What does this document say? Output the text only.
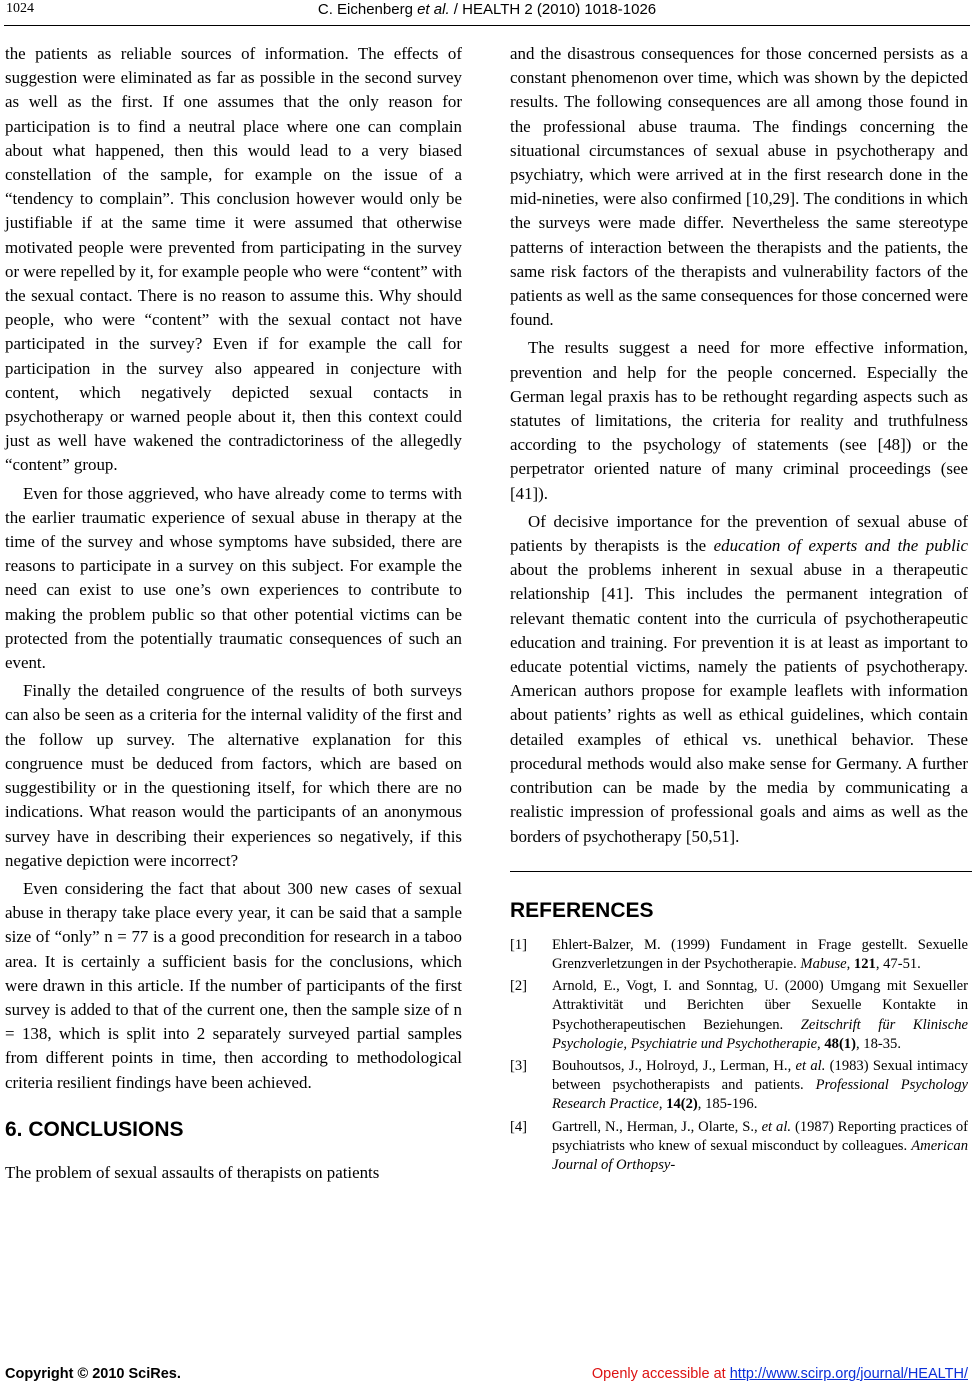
1024	C. Eichenberg et al. / HEALTH 2 (2010) 1018-1026

the patients as reliable sources of information. The effects of suggestion were eliminated as far as possible in the second survey as well as the first. If one assumes that the only reason for participation is to find a neutral place where one can complain about what happened, then this would lead to a very biased constellation of the sample, for example on the issue of a “tendency to complain”. This conclusion however would only be justifiable if at the same time it were assumed that otherwise motivated people were prevented from participating in the survey or were repelled by it, for example people who were “content” with the sexual contact. There is no reason to assume this. Why should people, who were “content” with the sexual contact not have participated in the survey? Even if for example the call for participation in the survey also appeared in conjecture with content, which negatively depicted sexual contacts in psychotherapy or warned people about it, then this context could just as well have wakened the contradictoriness of the allegedly “content” group.

Even for those aggrieved, who have already come to terms with the earlier traumatic experience of sexual abuse in therapy at the time of the survey and whose symptoms have subsided, there are reasons to participate in a survey on this subject. For example the need can exist to use one’s own experiences to contribute to making the problem public so that other potential victims can be protected from the potentially traumatic consequences of such an event.

Finally the detailed congruence of the results of both surveys can also be seen as a criteria for the internal validity of the first and the follow up survey. The alternative explanation for this congruence must be deduced from factors, which are based on suggestibility or in the questioning itself, for which there are no indications. What reason would the participants of an anonymous survey have in describing their experiences so negatively, if this negative depiction were incorrect?

Even considering the fact that about 300 new cases of sexual abuse in therapy take place every year, it can be said that a sample size of “only” n = 77 is a good precondition for research in a taboo area. It is certainly a sufficient basis for the conclusions, which were drawn in this article. If the number of participants of the first survey is added to that of the current one, then the sample size of n = 138, which is split into 2 separately surveyed partial samples from different points in time, then according to methodological criteria resilient findings have been achieved.

6. CONCLUSIONS

The problem of sexual assaults of therapists on patients

and the disastrous consequences for those concerned persists as a constant phenomenon over time, which was shown by the depicted results. The following consequences are all among those found in the professional abuse trauma. The findings concerning the situational circumstances of sexual abuse in psychotherapy and psychiatry, which were arrived at in the first research done in the mid-nineties, were also confirmed [10,29]. The conditions in which the surveys were made differ. Nevertheless the same stereotype patterns of interaction between the therapists and the patients, the same risk factors of the therapists and vulnerability factors of the patients as well as the same consequences for those concerned were found.

The results suggest a need for more effective information, prevention and help for the people concerned. Especially the German legal praxis has to be rethought regarding aspects such as statutes of limitations, the criteria for reality and truthfulness according to the psychology of statements (see [48]) or the perpetrator oriented nature of many criminal proceedings (see [41]).

Of decisive importance for the prevention of sexual abuse of patients by therapists is the education of experts and the public about the problems inherent in sexual abuse in a therapeutic relationship [41]. This includes the permanent integration of relevant thematic content into the curricula of psychotherapeutic education and training. For prevention it is at least as important to educate potential victims, namely the patients of psychotherapy. American authors propose for example leaflets with information about patients’ rights as well as ethical guidelines, which contain detailed examples of ethical vs. unethical behavior. These procedural methods would also make sense for Germany. A further contribution can be made by the media by communicating a realistic impression of professional goals and aims as well as the borders of psychotherapy [50,51].

REFERENCES
[1]	Ehlert-Balzer, M. (1999) Fundament in Frage gestellt. Sexuelle Grenzverletzungen in der Psychotherapie. Mabuse, 121, 47-51.
[2]	Arnold, E., Vogt, I. and Sonntag, U. (2000) Umgang mit Sexueller Attraktivität und Berichten über Sexuelle Kontakte in Psychotherapeutischen Beziehungen. Zeitschrift für Klinische Psychologie, Psychiatrie und Psychotherapie, 48(1), 18-35.
[3]	Bouhoutsos, J., Holroyd, J., Lerman, H., et al. (1983) Sexual intimacy between psychotherapists and patients. Professional Psychology Research Practice, 14(2), 185-196.
[4]	Gartrell, N., Herman, J., Olarte, S., et al. (1987) Reporting practices of psychiatrists who knew of sexual misconduct by colleagues. American Journal of Orthopsy-
Copyright © 2010 SciRes.	Openly accessible at http://www.scirp.org/journal/HEALTH/
